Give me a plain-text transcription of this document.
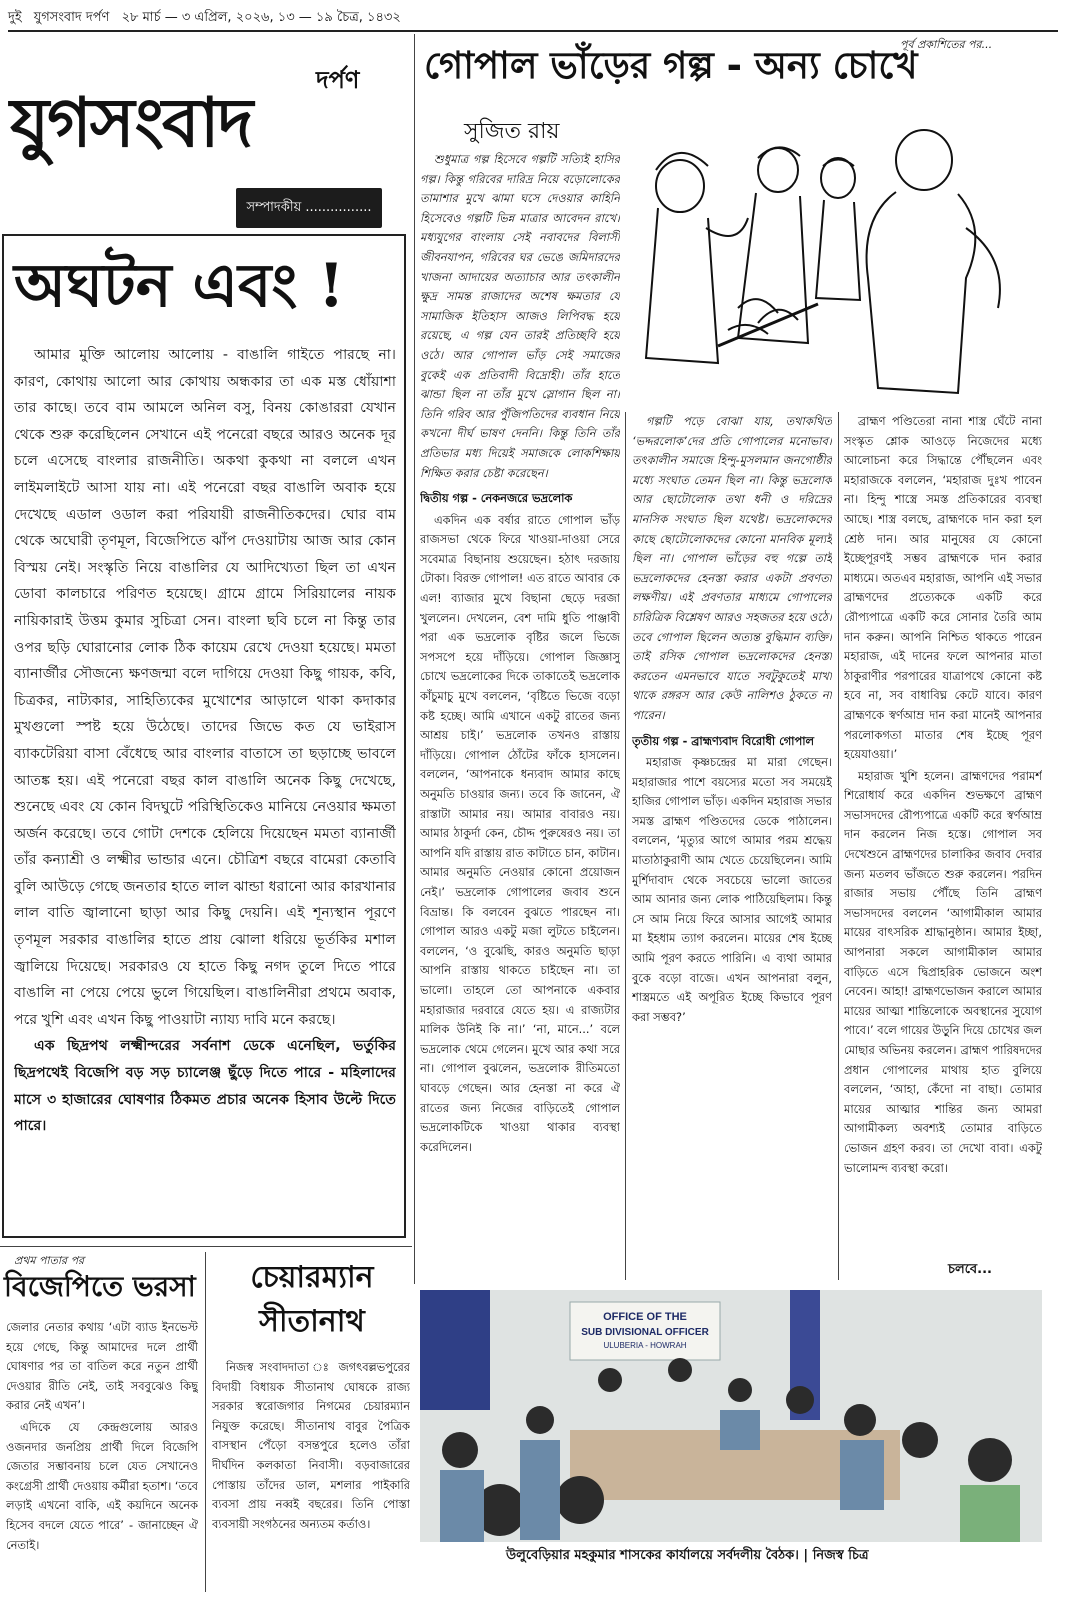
দুই যুগসংবাদ দর্পণ ২৮ মার্চ — ৩ এপ্রিল, ২০২৬, ১৩ — ১৯ চৈত্র, ১৪৩২
যুগসংবাদ
দর্পণ
সম্পাদকীয় ................
অঘটন এবং !

আমার মুক্তি আলোয় আলোয় - বাঙালি গাইতে পারছে না। কারণ, কোথায় আলো আর কোথায় অন্ধকার তা এক মস্ত ধোঁয়াশা তার কাছে। তবে বাম আমলে অনিল বসু, বিনয় কোঙাররা যেখান থেকে শুরু করেছিলেন সেখানে এই পনেরো বছরে আরও অনেক দূর চলে এসেছে বাংলার রাজনীতি। অকথা কুকথা না বললে এখন লাইমলাইটে আসা যায় না। এই পনেরো বছর বাঙালি অবাক হয়ে দেখেছে এডাল ওডাল করা পরিযায়ী রাজনীতিকদের। ঘোর বাম থেকে অঘোরী তৃণমূল, বিজেপিতে ঝাঁপ দেওয়াটায় আজ আর কোন বিস্ময় নেই। সংস্কৃতি নিয়ে বাঙালির যে আদিখ্যেতা ছিল তা এখন ডোবা কালচারে পরিণত হয়েছে। গ্রামে গ্রামে সিরিয়ালের নায়ক নায়িকারাই উত্তম কুমার সুচিত্রা সেন। বাংলা ছবি চলে না কিন্তু তার ওপর ছড়ি ঘোরানোর লোক ঠিক কায়েম রেখে দেওয়া হয়েছে। মমতা ব্যানার্জীর সৌজন্যে ক্ষণজন্মা বলে দাগিয়ে দেওয়া কিছু গায়ক, কবি, চিত্রকর, নাট্যকার, সাহিত্যিকের মুখোশের আড়ালে থাকা কদাকার মুখগুলো স্পষ্ট হয়ে উঠেছে। তাদের জিভে কত যে ভাইরাস ব্যাকটেরিয়া বাসা বেঁধেছে আর বাংলার বাতাসে তা ছড়াচ্ছে ভাবলে আতঙ্ক হয়। এই পনেরো বছর কাল বাঙালি অনেক কিছু দেখেছে, শুনেছে এবং যে কোন বিদঘুটে পরিস্থিতিকেও মানিয়ে নেওয়ার ক্ষমতা অর্জন করেছে। তবে গোটা দেশকে হেলিয়ে দিয়েছেন মমতা ব্যানার্জী তাঁর কন্যাশ্রী ও লক্ষ্মীর ভান্ডার এনে। চৌত্রিশ বছরে বামেরা কেতাবি বুলি আউড়ে গেছে জনতার হাতে লাল ঝান্ডা ধরানো আর কারখানার লাল বাতি জ্বালানো ছাড়া আর কিছু দেয়নি। এই শূন্যস্থান পূরণে তৃণমূল সরকার বাঙালির হাতে প্রায় ঝোলা ধরিয়ে ভূর্তকির মশাল জ্বালিয়ে দিয়েছে। সরকারও যে হাতে কিছু নগদ তুলে দিতে পারে বাঙালি না পেয়ে পেয়ে ভুলে গিয়েছিল। বাঙালিনীরা প্রথমে অবাক, পরে খুশি এবং এখন কিছু পাওয়াটা ন্যায্য দাবি মনে করছে।

এক ছিদ্রপথ লক্ষ্মীন্দরের সর্বনাশ ডেকে এনেছিল, ভর্তুকির ছিদ্রপথেই বিজেপি বড় সড় চ্যালেঞ্জ ছুঁড়ে দিতে পারে - মহিলাদের মাসে ৩ হাজারের ঘোষণার ঠিকমত প্রচার অনেক হিসাব উল্টে দিতে পারে।

প্রথম পাতার পর
বিজেপিতে ভরসা

জেলার নেতার কথায় ‘এটা ব্যাড ইনভেস্ট হয়ে গেছে, কিন্তু আমাদের দলে প্রার্থী ঘোষণার পর তা বাতিল করে নতুন প্রার্থী দেওয়ার রীতি নেই, তাই সববুঝেও কিছু করার নেই এখন’।

এদিকে যে কেন্দ্রগুলোয় আরও ওজনদার জনপ্রিয় প্রার্থী দিলে বিজেপি জেতার সম্ভাবনায় চলে যেত সেখানেও কংগ্রেসী প্রার্থী দেওয়ায় কর্মীরা হতাশ। ‘তবে লড়াই এখনো বাকি, এই কয়দিনে অনেক হিসেব বদলে যেতে পারে’ - জানাচ্ছেন ঐ নেতাই।

চেয়ারম্যান
সীতানাথ

নিজস্ব সংবাদদাতা ঃ জগৎবল্লভপুরের বিদায়ী বিধায়ক সীতানাথ ঘোষকে রাজ্য সরকার স্বরোজগার নিগমের চেয়ারম্যান নিযুক্ত করেছে। সীতানাথ বাবুর পৈত্রিক বাসস্থান পেঁড়ো বসন্তপুরে হলেও তাঁরা দীর্ঘদিন কলকাতা নিবাসী। বড়বাজারের পোস্তায় তাঁদের ডাল, মশলার পাইকারি ব্যবসা প্রায় নব্বই বছরের। তিনি পোস্তা ব্যবসায়ী সংগঠনের অন্যতম কর্তাও।

পূর্ব প্রকাশিতের পর...
গোপাল ভাঁড়ের গল্প - অন্য চোখে
সুজিত রায়

শুধুমাত্র গল্প হিসেবে গল্পটি সত্যিই হাসির গল্প। কিন্তু গরিবের দারিদ্র নিয়ে বড়োলোকের তামাশার মুখে ঝামা ঘসে দেওয়ার কাহিনি হিসেবেও গল্পটি ভিন্ন মাত্রার আবেদন রাখে। মধ্যযুগের বাংলায় সেই নবাবদের বিলাসী জীবনযাপন, গরিবের ঘর ভেঙে জমিদারদের খাজনা আদায়ের অত্যাচার আর তৎকালীন ক্ষুদ্র সামন্ত রাজাদের অশেষ ক্ষমতার যে সামাজিক ইতিহাস আজও লিপিবদ্ধ হয়ে রয়েছে, এ গল্প যেন তারই প্রতিচ্ছবি হয়ে ওঠে। আর গোপাল ভাঁড় সেই সমাজের বুকেই এক প্রতিবাদী বিদ্রোহী। তাঁর হাতে ঝান্ডা ছিল না তাঁর মুখে স্লোগান ছিল না। তিনি গরিব আর পুঁজিপতিদের ব্যবধান নিয়ে কখনো দীর্ঘ ভাষণ দেননি। কিন্তু তিনি তাঁর প্রতিভার মধ্য দিয়েই সমাজকে লোকশিক্ষায় শিক্ষিত করার চেষ্টা করেছেন।

দ্বিতীয় গল্প - নেকনজরে ভদ্রলোক

একদিন এক বর্ষার রাতে গোপাল ভাঁড় রাজসভা থেকে ফিরে খাওয়া-দাওয়া সেরে সবেমাত্র বিছানায় শুয়েছেন। হঠাৎ দরজায় টোকা। বিরক্ত গোপাল! এত রাতে আবার কে এল! ব্যাজার মুখে বিছানা ছেড়ে দরজা খুললেন। দেখলেন, বেশ দামি ধুতি পাঞ্জাবী পরা এক ভদ্রলোক বৃষ্টির জলে ভিজে সপসপে হয়ে দাঁড়িয়ে। গোপাল জিজ্ঞাসু চোখে ভদ্রলোকের দিকে তাকাতেই ভদ্রলোক কাঁচুমাচু মুখে বললেন, ‘বৃষ্টিতে ভিজে বড়ো কষ্ট হচ্ছে। আমি এখানে একটু রাতের জন্য আশ্রয় চাই।’ ভদ্রলোক তখনও রাস্তায় দাঁড়িয়ে। গোপাল ঠোঁটের ফাঁকে হাসলেন। বললেন, ‘আপনাকে ধন্যবাদ আমার কাছে অনুমতি চাওয়ার জন্য। তবে কি জানেন, ঐ রাস্তাটা আমার নয়। আমার বাবারও নয়। আমার ঠাকুর্দা কেন, চৌদ্দ পুরুষেরও নয়। তা আপনি যদি রাস্তায় রাত কাটাতে চান, কাটান। আমার অনুমতি নেওয়ার কোনো প্রয়োজন নেই।’ ভদ্রলোক গোপালের জবাব শুনে বিভ্রান্ত। কি বলবেন বুঝতে পারছেন না। গোপাল আরও একটু মজা লুটতে চাইলেন। বললেন, ‘ও বুঝেছি, কারও অনুমতি ছাড়া আপনি রাস্তায় থাকতে চাইছেন না। তা ভালো। তাহলে তো আপনাকে একবার মহারাজার দরবারে যেতে হয়। এ রাজ্যটার মালিক উনিই কি না।’ ‘না, মানে...’ বলে ভদ্রলোক থেমে গেলেন। মুখে আর কথা সরে না। গোপাল বুঝলেন, ভদ্রলোক রীতিমতো ঘাবড়ে গেছেন। আর হেনস্তা না করে ঐ রাতের জন্য নিজের বাড়িতেই গোপাল ভদ্রলোকটিকে খাওয়া থাকার ব্যবস্থা করেদিলেন।

গল্পটি পড়ে বোঝা যায়, তথাকথিত ‘ভদ্দরলোক’দের প্রতি গোপালের মনোভাব। তৎকালীন সমাজে হিন্দু-মুসলমান জনগোষ্ঠীর মধ্যে সংঘাত তেমন ছিল না। কিন্তু ভদ্রলোক আর ছোটোলোক তথা ধনী ও দরিদ্রের মানসিক সংঘাত ছিল যথেষ্ট। ভদ্রলোকদের কাছে ছোটোলোকদের কোনো মানবিক মূল্যই ছিল না। গোপাল ভাঁড়ের বহু গল্পে তাই ভদ্রলোকদের হেনস্তা করার একটা প্রবণতা লক্ষণীয়। এই প্রবণতার মাধ্যমে গোপালের চারিত্রিক বিশ্লেষণ আরও সহজতর হয়ে ওঠে। তবে গোপাল ছিলেন অত্যন্ত বুদ্ধিমান ব্যক্তি। তাই রসিক গোপাল ভদ্রলোকদের হেনস্তা করতেন এমনভাবে যাতে সবটুকুতেই মাখা থাকে রঙ্গরস আর কেউ নালিশও ঠুকতে না পারেন।

তৃতীয় গল্প - ব্রাহ্মণ্যবাদ বিরোধী গোপাল

মহারাজ কৃষ্ণচন্দ্রের মা মারা গেছেন। মহারাজার পাশে বয়স্যের মতো সব সময়েই হাজির গোপাল ভাঁড়। একদিন মহারাজ সভার সমস্ত ব্রাহ্মণ পণ্ডিতদের ডেকে পাঠালেন। বললেন, ‘মৃত্যুর আগে আমার পরম শ্রদ্ধেয় মাতাঠাকুরাণী আম খেতে চেয়েছিলেন। আমি মুর্শিদাবাদ থেকে সবচেয়ে ভালো জাতের আম আনার জন্য লোক পাঠিয়েছিলাম। কিন্তু সে আম নিয়ে ফিরে আসার আগেই আমার মা ইহধাম ত্যাগ করলেন। মায়ের শেষ ইচ্ছে আমি পূরণ করতে পারিনি। এ ব্যথা আমার বুকে বড়ো বাজে। এখন আপনারা বলুন, শাস্ত্রমতে এই অপূরিত ইচ্ছে কিভাবে পূরণ করা সম্ভব?’

ব্রাহ্মণ পণ্ডিতেরা নানা শাস্ত্র ঘেঁটে নানা সংস্কৃত শ্লোক আওড়ে নিজেদের মধ্যে আলোচনা করে সিদ্ধান্তে পৌঁছলেন এবং মহারাজকে বললেন, ‘মহারাজ দুঃখ পাবেন না। হিন্দু শাস্ত্রে সমস্ত প্রতিকারের ব্যবস্থা আছে। শাস্ত্র বলছে, ব্রাহ্মণকে দান করা হল শ্রেষ্ঠ দান। আর মানুষের যে কোনো ইচ্ছেপূরণই সম্ভব ব্রাহ্মণকে দান করার মাধ্যমে। অতএব মহারাজ, আপনি এই সভার ব্রাহ্মণদের প্রত্যেককে একটি করে রৌপ্যপাত্রে একটি করে সোনার তৈরি আম দান করুন। আপনি নিশ্চিত থাকতে পারেন মহারাজ, এই দানের ফলে আপনার মাতা ঠাকুরাণীর পরপারের যাত্রাপথে কোনো কষ্ট হবে না, সব বাধাবিঘ্ন কেটে যাবে। কারণ ব্রাহ্মণকে স্বর্ণআম্র দান করা মানেই আপনার পরলোকগতা মাতার শেষ ইচ্ছে পূরণ হয়েযাওয়া।’

মহারাজ খুশি হলেন। ব্রাহ্মণদের পরামর্শ শিরোধার্য করে একদিন শুভক্ষণে ব্রাহ্মণ সভাসদদের রৌপ্যপাত্রে একটি করে স্বর্ণআম্র দান করলেন নিজ হস্তে। গোপাল সব দেখেশুনে ব্রাহ্মণদের চালাকির জবাব দেবার জন্য মতলব ভাঁজতে শুরু করলেন। পরদিন রাজার সভায় পৌঁছে তিনি ব্রাহ্মণ সভাসদদের বললেন ‘আগামীকাল আমার মায়ের বাৎসরিক শ্রাদ্ধানুষ্ঠান। আমার ইচ্ছা, আপনারা সকলে আগামীকাল আমার বাড়িতে এসে দ্বিপ্রাহরিক ভোজনে অংশ নেবেন। আহা! ব্রাহ্মণভোজন করালে আমার মায়ের আত্মা শান্তিলোকে অবস্থানের সুযোগ পাবে।’ বলে গায়ের উড়ুনি দিয়ে চোখের জল মোছার অভিনয় করলেন। ব্রাহ্মণ পারিষদদের প্রধান গোপালের মাথায় হাত বুলিয়ে বললেন, ‘আহা, কেঁদো না বাছা। তোমার মায়ের আত্মার শান্তির জন্য আমরা আগামীকল্য অবশ্যই তোমার বাড়িতে ভোজন গ্রহণ করব। তা দেখো বাবা। একটু ভালোমন্দ ব্যবস্থা করো।

চলবে...
OFFICE OF THE
SUB DIVISIONAL OFFICER
ULUBERIA - HOWRAH
উলুবেড়িয়ার মহকুমার শাসকের কার্যালয়ে সর্বদলীয় বৈঠক। | নিজস্ব চিত্র
